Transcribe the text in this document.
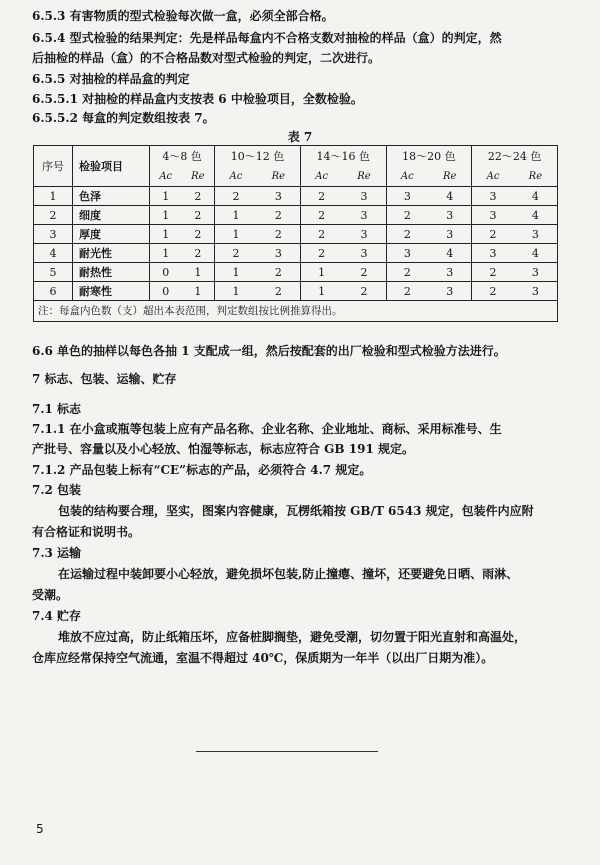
6.5.3 有害物质的型式检验每次做一盒，必须全部合格。
6.5.4 型式检验的结果判定：先是样品每盒内不合格支数对抽检的样品（盒）的判定，然
后抽检的样品（盒）的不合格品数对型式检验的判定，二次进行。
6.5.5 对抽检的样品盒的判定
6.5.5.1 对抽检的样品盒内支按表 6 中检验项目，全数检验。
6.5.5.2 每盒的判定数组按表 7。
表 7
序号	检验项目	4～8 色		10～12 色		14～16 色		18～20 色		22～24 色	
		Ac	Re	Ac	Re	Ac	Re	Ac	Re	Ac	Re
1	色泽	1	2	2	3	2	3	3	4	3	4
2	细度	1	2	1	2	2	3	2	3	3	4
3	厚度	1	2	1	2	2	3	2	3	2	3
4	耐光性	1	2	2	3	2	3	3	4	3	4
5	耐热性	0	1	1	2	1	2	2	3	2	3
6	耐寒性	0	1	1	2	1	2	2	3	2	3
注：每盒内色数（支）超出本表范围，判定数组按比例推算得出。											
6.6 单色的抽样以每色各抽 1 支配成一组，然后按配套的出厂检验和型式检验方法进行。
7 标志、包装、运输、贮存
7.1 标志
7.1.1 在小盒或瓶等包装上应有产品名称、企业名称、企业地址、商标、采用标准号、生
产批号、容量以及小心轻放、怕湿等标志，标志应符合 GB 191 规定。
7.1.2 产品包装上标有“CE”标志的产品，必须符合 4.7 规定。
7.2 包装
包装的结构要合理，坚实，图案内容健康，瓦楞纸箱按 GB/T 6543 规定，包装件内应附
有合格证和说明书。
7.3 运输
在运输过程中装卸要小心轻放，避免损坏包装,防止撞瘪、撞坏，还要避免日晒、雨淋、
受潮。
7.4 贮存
堆放不应过高，防止纸箱压坏，应备桩脚搁垫，避免受潮，切勿置于阳光直射和高温处，
仓库应经常保持空气流通，室温不得超过 40℃，保质期为一年半（以出厂日期为准）。
5
